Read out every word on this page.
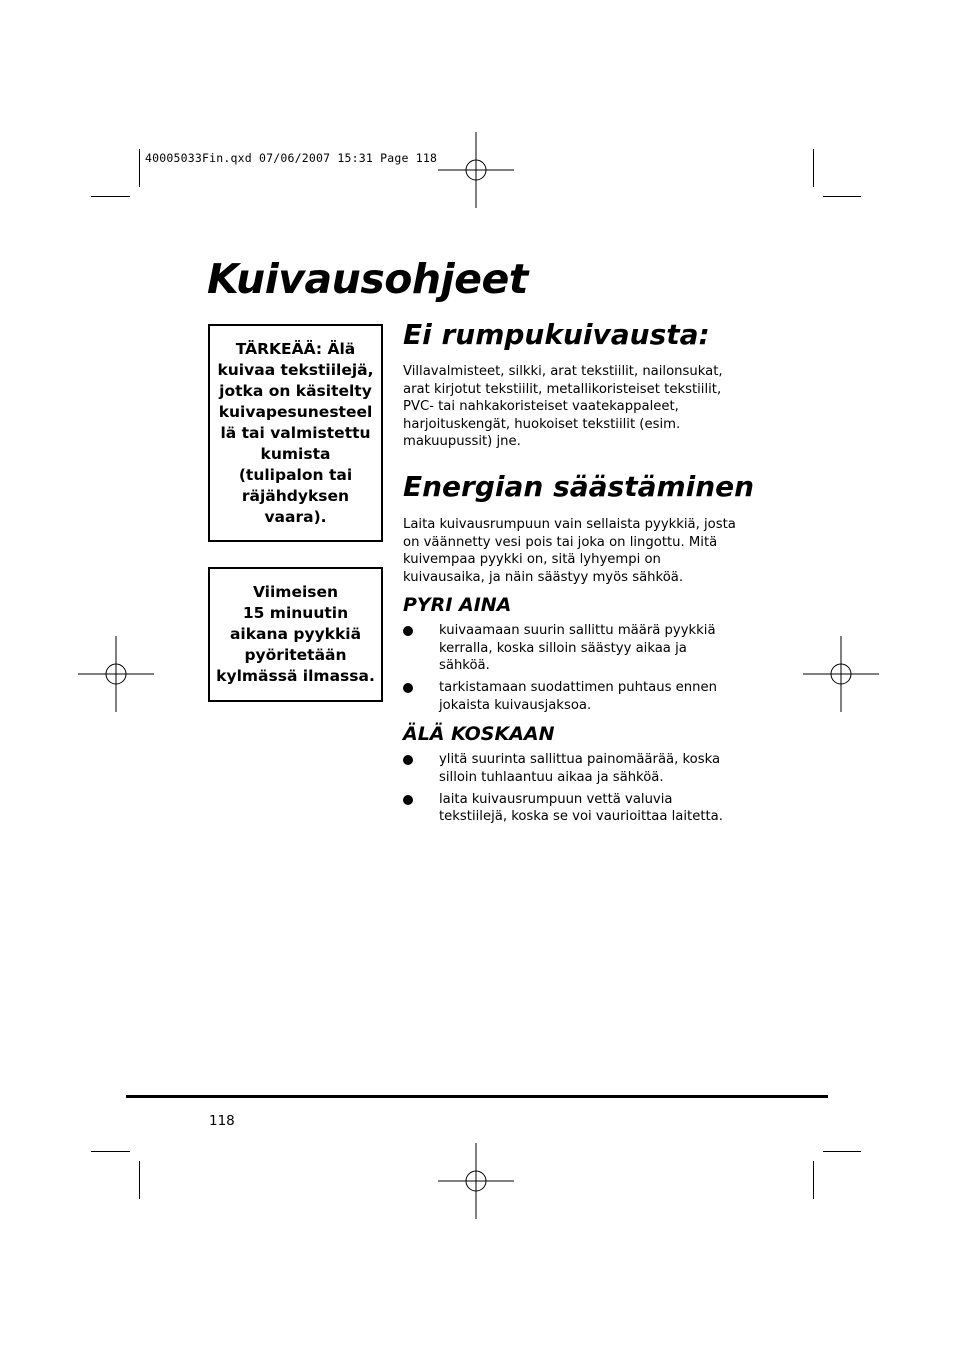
40005033Fin.qxd 07/06/2007 15:31 Page 118
Kuivausohjeet

TÄRKEÄÄ: Älä

kuivaa tekstiilejä,

jotka on käsitelty

kuivapesunesteel

lä tai valmistettu

kumista

(tulipalon tai

räjähdyksen

vaara).

Viimeisen

15 minuutin

aikana pyykkiä

pyöritetään

kylmässä ilmassa.

Ei rumpukuivausta:
Villavalmisteet, silkki, arat tekstiilit, nailonsukat,
arat kirjotut tekstiilit, metallikoristeiset tekstiilit,
PVC- tai nahkakoristeiset vaatekappaleet,
harjoituskengät, huokoiset tekstiilit (esim.
makuupussit) jne.
Energian säästäminen
Laita kuivausrumpuun vain sellaista pyykkiä, josta
on väännetty vesi pois tai joka on lingottu. Mitä
kuivempaa pyykki on, sitä lyhyempi on
kuivausaika, ja näin säästyy myös sähköä.
PYRI AINA
kuivaamaan suurin sallittu määrä pyykkiä
kerralla, koska silloin säästyy aikaa ja
sähköä.
tarkistamaan suodattimen puhtaus ennen
jokaista kuivausjaksoa.
ÄLÄ KOSKAAN
ylitä suurinta sallittua painomäärää, koska
silloin tuhlaantuu aikaa ja sähköä.
laita kuivausrumpuun vettä valuvia
tekstiilejä, koska se voi vaurioittaa laitetta.
118
